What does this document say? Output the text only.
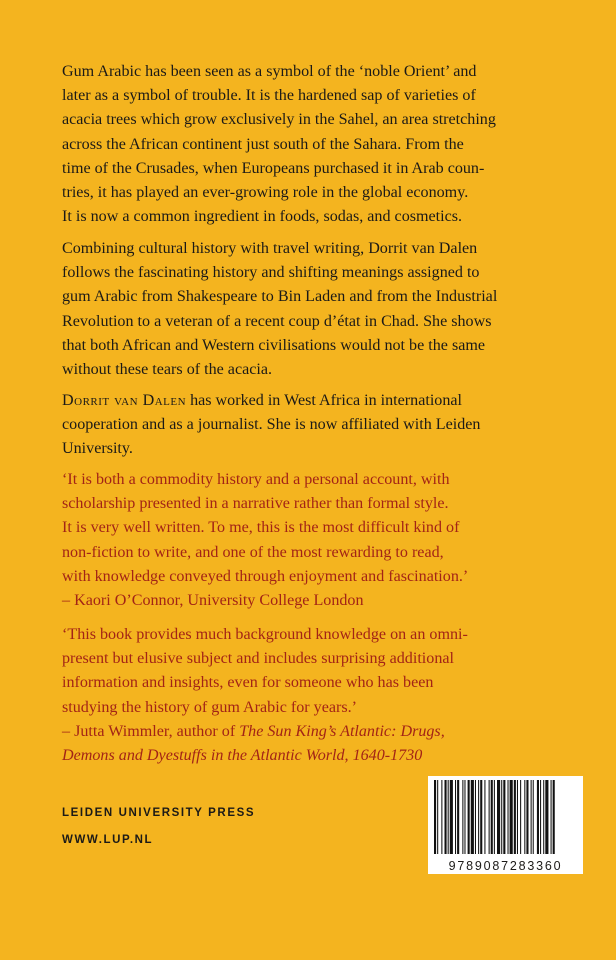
Gum Arabic has been seen as a symbol of the ‘noble Orient’ and
later as a symbol of trouble. It is the hardened sap of varieties of
acacia trees which grow exclusively in the Sahel, an area stretching
across the African continent just south of the Sahara. From the
time of the Crusades, when Europeans purchased it in Arab coun-
tries, it has played an ever-growing role in the global economy.
It is now a common ingredient in foods, sodas, and cosmetics.
Combining cultural history with travel writing, Dorrit van Dalen
follows the fascinating history and shifting meanings assigned to
gum Arabic from Shakespeare to Bin Laden and from the Industrial
Revolution to a veteran of a recent coup d’état in Chad. She shows
that both African and Western civilisations would not be the same
without these tears of the acacia.
Dorrit van Dalen has worked in West Africa in international
cooperation and as a journalist. She is now affiliated with Leiden
University.
‘It is both a commodity history and a personal account, with
scholarship presented in a narrative rather than formal style.
It is very well written. To me, this is the most difficult kind of
non-fiction to write, and one of the most rewarding to read,
with knowledge conveyed through enjoyment and fascination.’
– Kaori O’Connor, University College London
‘This book provides much background knowledge on an omni-
present but elusive subject and includes surprising additional
information and insights, even for someone who has been
studying the history of gum Arabic for years.’
– Jutta Wimmler, author of The Sun King’s Atlantic: Drugs,
Demons and Dyestuffs in the Atlantic World, 1640-1730
LEIDEN UNIVERSITY PRESS
WWW.LUP.NL
9789087283360
